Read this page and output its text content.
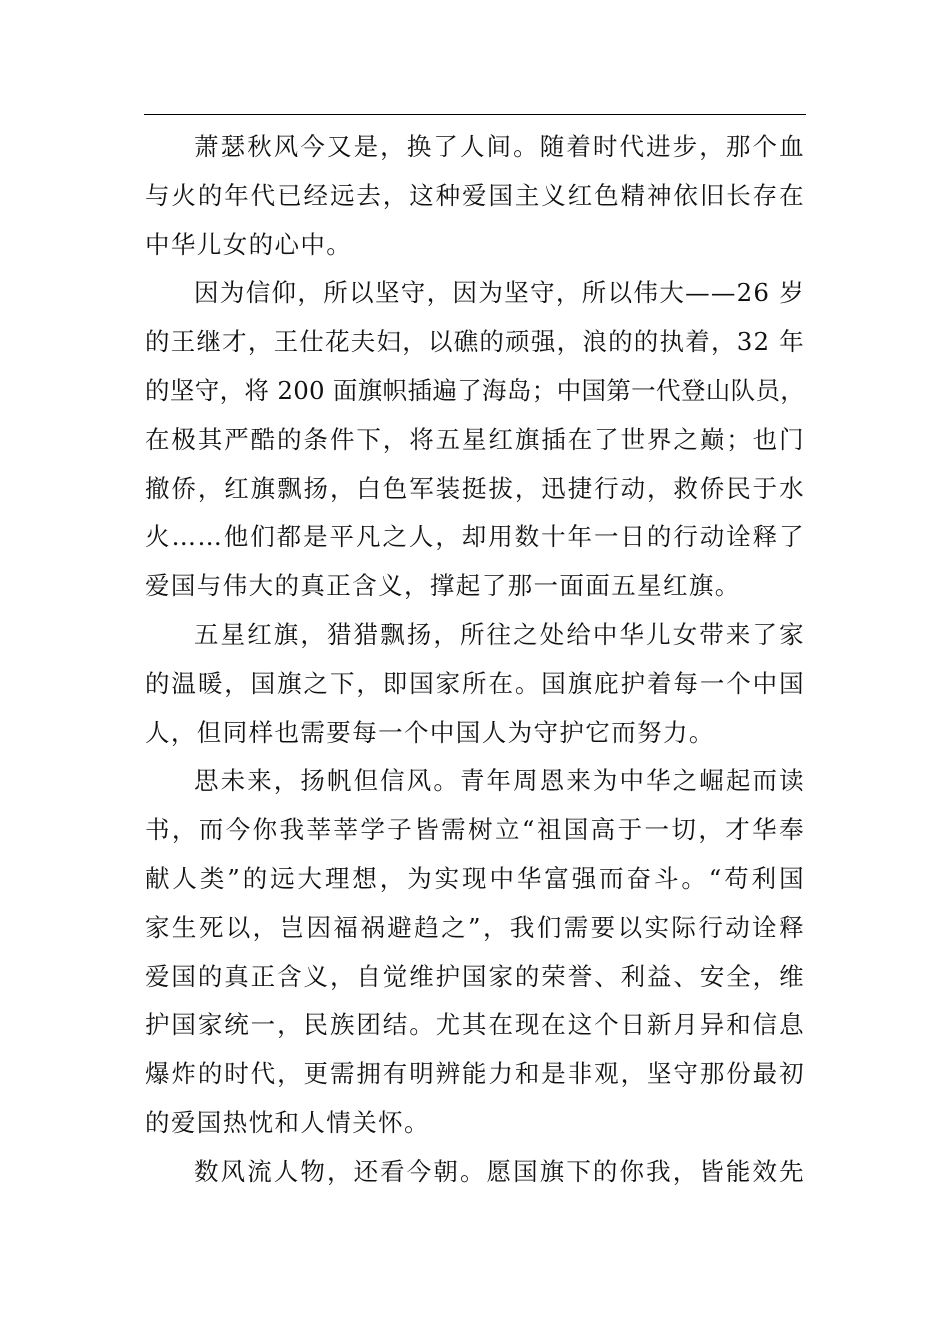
萧瑟秋风今又是，换了人间。随着时代进步，那个血
与火的年代已经远去，这种爱国主义红色精神依旧长存在
中华儿女的心中。
因为信仰，所以坚守，因为坚守，所以伟大——26 岁
的王继才，王仕花夫妇，以礁的顽强，浪的的执着，32 年
的坚守，将 200 面旗帜插遍了海岛；中国第一代登山队员，
在极其严酷的条件下，将五星红旗插在了世界之巅；也门
撤侨，红旗飘扬，白色军装挺拔，迅捷行动，救侨民于水
火……他们都是平凡之人，却用数十年一日的行动诠释了
爱国与伟大的真正含义，撑起了那一面面五星红旗。
五星红旗，猎猎飘扬，所往之处给中华儿女带来了家
的温暖，国旗之下，即国家所在。国旗庇护着每一个中国
人，但同样也需要每一个中国人为守护它而努力。
思未来，扬帆但信风。青年周恩来为中华之崛起而读
书，而今你我莘莘学子皆需树立“祖国高于一切，才华奉
献人类”的远大理想，为实现中华富强而奋斗。“苟利国
家生死以，岂因福祸避趋之”，我们需要以实际行动诠释
爱国的真正含义，自觉维护国家的荣誉、利益、安全，维
护国家统一，民族团结。尤其在现在这个日新月异和信息
爆炸的时代，更需拥有明辨能力和是非观，坚守那份最初
的爱国热忱和人情关怀。
数风流人物，还看今朝。愿国旗下的你我，皆能效先
